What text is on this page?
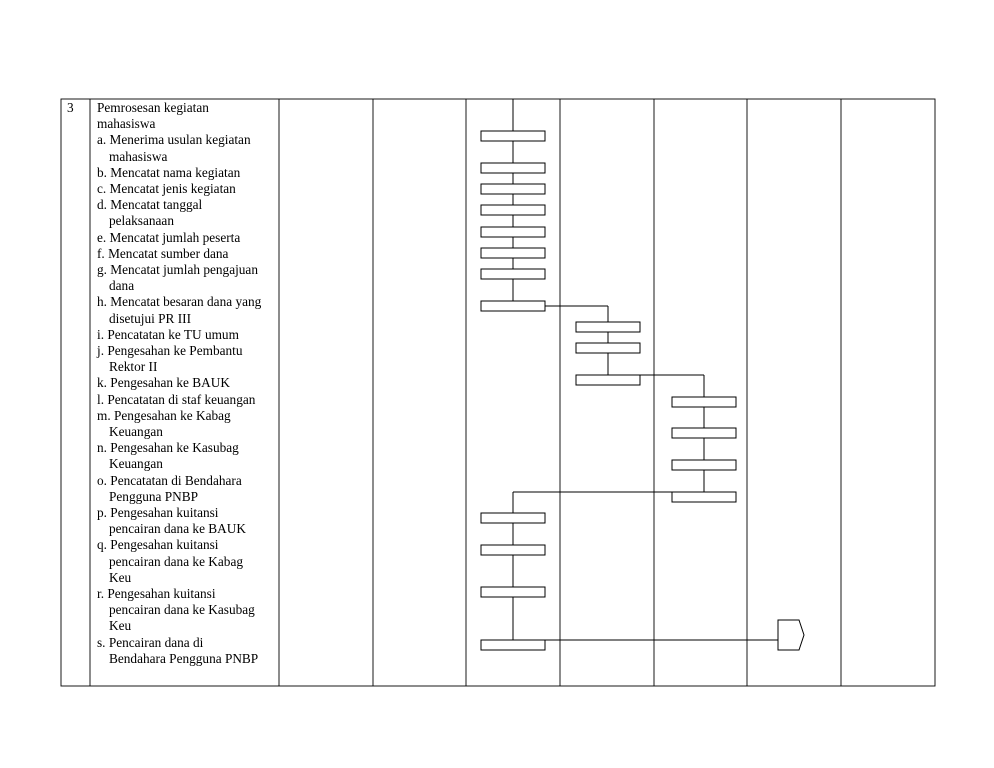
3 Pemrosesan kegiatan
mahasiswa
a. Menerima usulan kegiatan
mahasiswa
b. Mencatat nama kegiatan
c. Mencatat jenis kegiatan
d. Mencatat tanggal
pelaksanaan
e. Mencatat jumlah peserta
f. Mencatat sumber dana
g. Mencatat jumlah pengajuan
dana
h. Mencatat besaran dana yang
disetujui PR III
i. Pencatatan ke TU umum
j. Pengesahan ke Pembantu
Rektor II
k. Pengesahan ke BAUK
l. Pencatatan di staf keuangan
m. Pengesahan ke Kabag
Keuangan
n. Pengesahan ke Kasubag
Keuangan
o. Pencatatan di Bendahara
Pengguna PNBP
p. Pengesahan kuitansi
pencairan dana ke BAUK
q. Pengesahan kuitansi
pencairan dana ke Kabag
Keu
r. Pengesahan kuitansi
pencairan dana ke Kasubag
Keu
s. Pencairan dana di
Bendahara Pengguna PNBP
